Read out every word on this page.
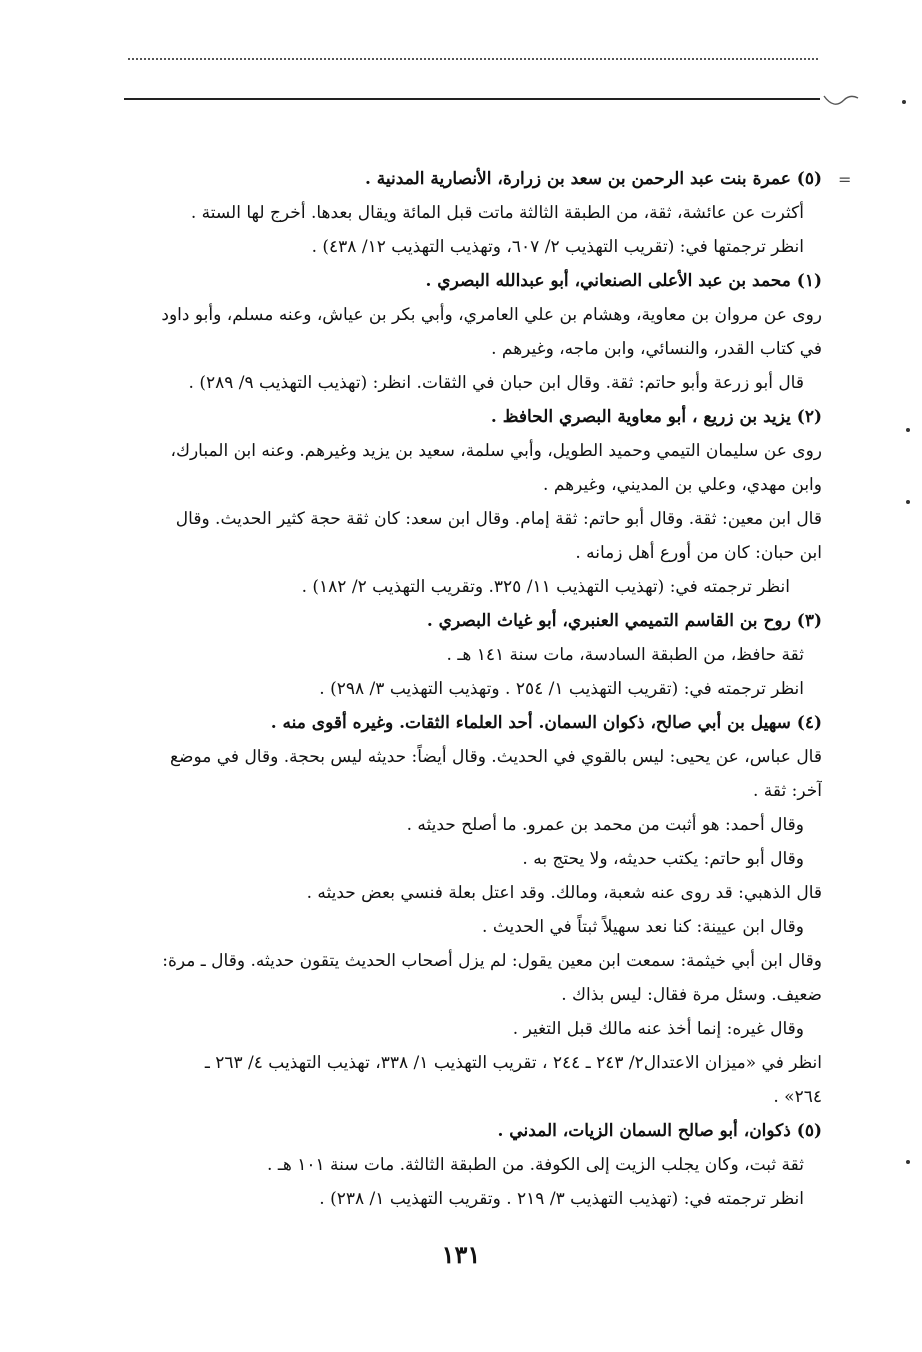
=
(٥) عمرة بنت عبد الرحمن بن سعد بن زرارة، الأنصارية المدنية .
أكثرت عن عائشة، ثقة، من الطبقة الثالثة ماتت قبل المائة ويقال بعدها. أخرج لها الستة .
انظر ترجمتها في: (تقريب التهذيب ٢/ ٦٠٧، وتهذيب التهذيب ١٢/ ٤٣٨) .
(١) محمد بن عبد الأعلى الصنعاني، أبو عبدالله البصري .
روى عن مروان بن معاوية، وهشام بن علي العامري، وأبي بكر بن عياش، وعنه مسلم، وأبو داود
في كتاب القدر، والنسائي، وابن ماجه، وغيرهم .
قال أبو زرعة وأبو حاتم: ثقة. وقال ابن حبان في الثقات. انظر: (تهذيب التهذيب ٩/ ٢٨٩) .
(٢) يزيد بن زريع ، أبو معاوية البصري الحافظ .
روى عن سليمان التيمي وحميد الطويل، وأبي سلمة، سعيد بن يزيد وغيرهم. وعنه ابن المبارك،
وابن مهدي، وعلي بن المديني، وغيرهم .
قال ابن معين: ثقة. وقال أبو حاتم: ثقة إمام. وقال ابن سعد: كان ثقة حجة كثير الحديث. وقال
ابن حبان: كان من أورع أهل زمانه .
انظر ترجمته في: (تهذيب التهذيب ١١/ ٣٢٥. وتقريب التهذيب ٢/ ١٨٢) .
(٣) روح بن القاسم التميمي العنبري، أبو غياث البصري .
ثقة حافظ، من الطبقة السادسة، مات سنة ١٤١ هـ .
انظر ترجمته في: (تقريب التهذيب ١/ ٢٥٤ . وتهذيب التهذيب ٣/ ٢٩٨) .
(٤) سهيل بن أبي صالح، ذكوان السمان. أحد العلماء الثقات. وغيره أقوى منه .
قال عباس، عن يحيى: ليس بالقوي في الحديث. وقال أيضاً: حديثه ليس بحجة. وقال في موضع
آخر: ثقة .
وقال أحمد: هو أثبت من محمد بن عمرو. ما أصلح حديثه .
وقال أبو حاتم: يكتب حديثه، ولا يحتج به .
قال الذهبي: قد روى عنه شعبة، ومالك. وقد اعتل بعلة فنسي بعض حديثه .
وقال ابن عيينة: كنا نعد سهيلاً ثبتاً في الحديث .
وقال ابن أبي خيثمة: سمعت ابن معين يقول: لم يزل أصحاب الحديث يتقون حديثه. وقال ـ مرة:
ضعيف. وسئل مرة فقال: ليس بذاك .
وقال غيره: إنما أخذ عنه مالك قبل التغير .
انظر في «ميزان الاعتدال٢/ ٢٤٣ ـ ٢٤٤ ، تقريب التهذيب ١/ ٣٣٨، تهذيب التهذيب ٤/ ٢٦٣ ـ
٢٦٤» .
(٥) ذكوان، أبو صالح السمان الزيات، المدني .
ثقة ثبت، وكان يجلب الزيت إلى الكوفة. من الطبقة الثالثة. مات سنة ١٠١ هـ .
انظر ترجمته في: (تهذيب التهذيب ٣/ ٢١٩ . وتقريب التهذيب ١/ ٢٣٨) .
١٣١
